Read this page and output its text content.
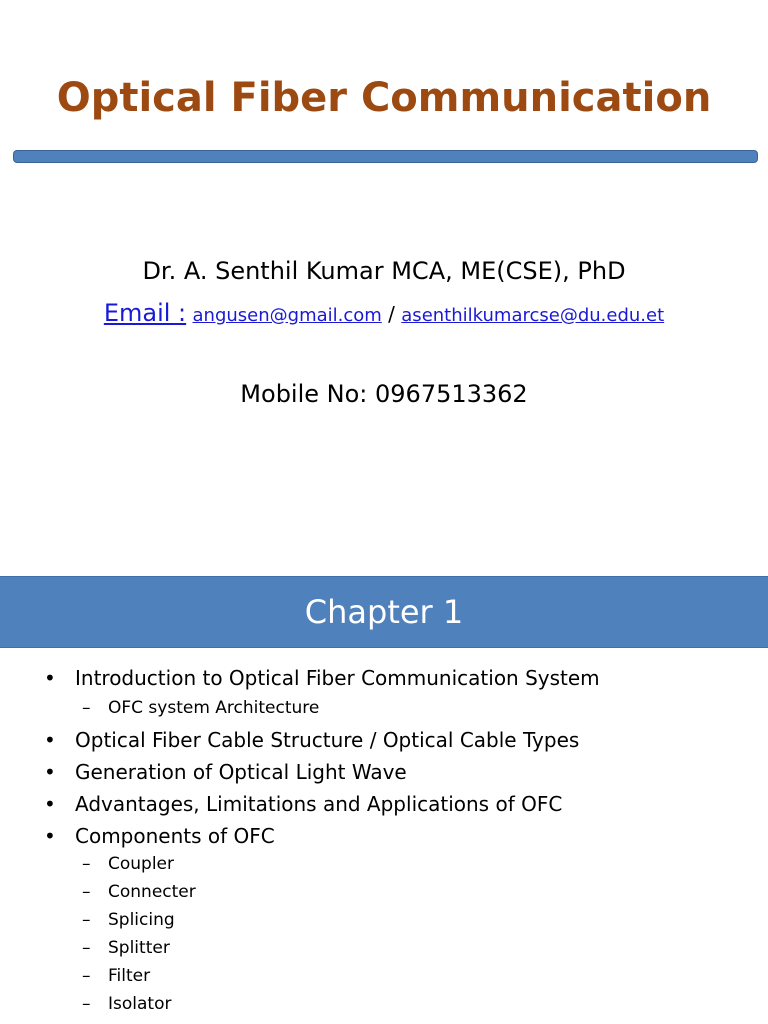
Optical Fiber Communication
Dr. A. Senthil Kumar MCA, ME(CSE), PhD
Email : angusen@gmail.com / asenthilkumarcse@du.edu.et
Mobile No: 0967513362
Chapter 1
• Introduction to Optical Fiber Communication System
– OFC system Architecture
• Optical Fiber Cable Structure / Optical Cable Types
• Generation of Optical Light Wave
• Advantages, Limitations and Applications of OFC
• Components of OFC
– Coupler
– Connecter
– Splicing
– Splitter
– Filter
– Isolator
